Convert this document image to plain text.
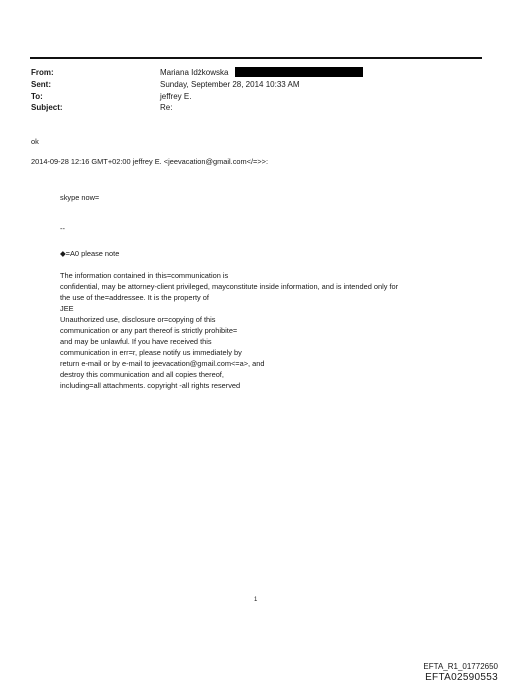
From:	Mariana Idżkowska
Sent:	Sunday, September 28, 2014 10:33 AM
To:	jeffrey E.
Subject:	Re:
ok
2014-09-28 12:16 GMT+02:00 jeffrey E. <jeevacation@gmail.com</=>>:
skype now=
--
◆=A0 please note
The information contained in this=communication is
confidential, may be attorney-client privileged, mayconstitute inside information, and is intended only for
the use of the=addressee. It is the property of
JEE
Unauthorized use, disclosure or=copying of this
communication or any part thereof is strictly prohibite=
and may be unlawful. If you have received this
communication in err=r, please notify us immediately by
return e-mail or by e-mail to jeevacation@gmail.com<=a>, and
destroy this communication and all copies thereof,
including=all attachments. copyright -all rights reserved
1
EFTA_R1_01772650
EFTA02590553
